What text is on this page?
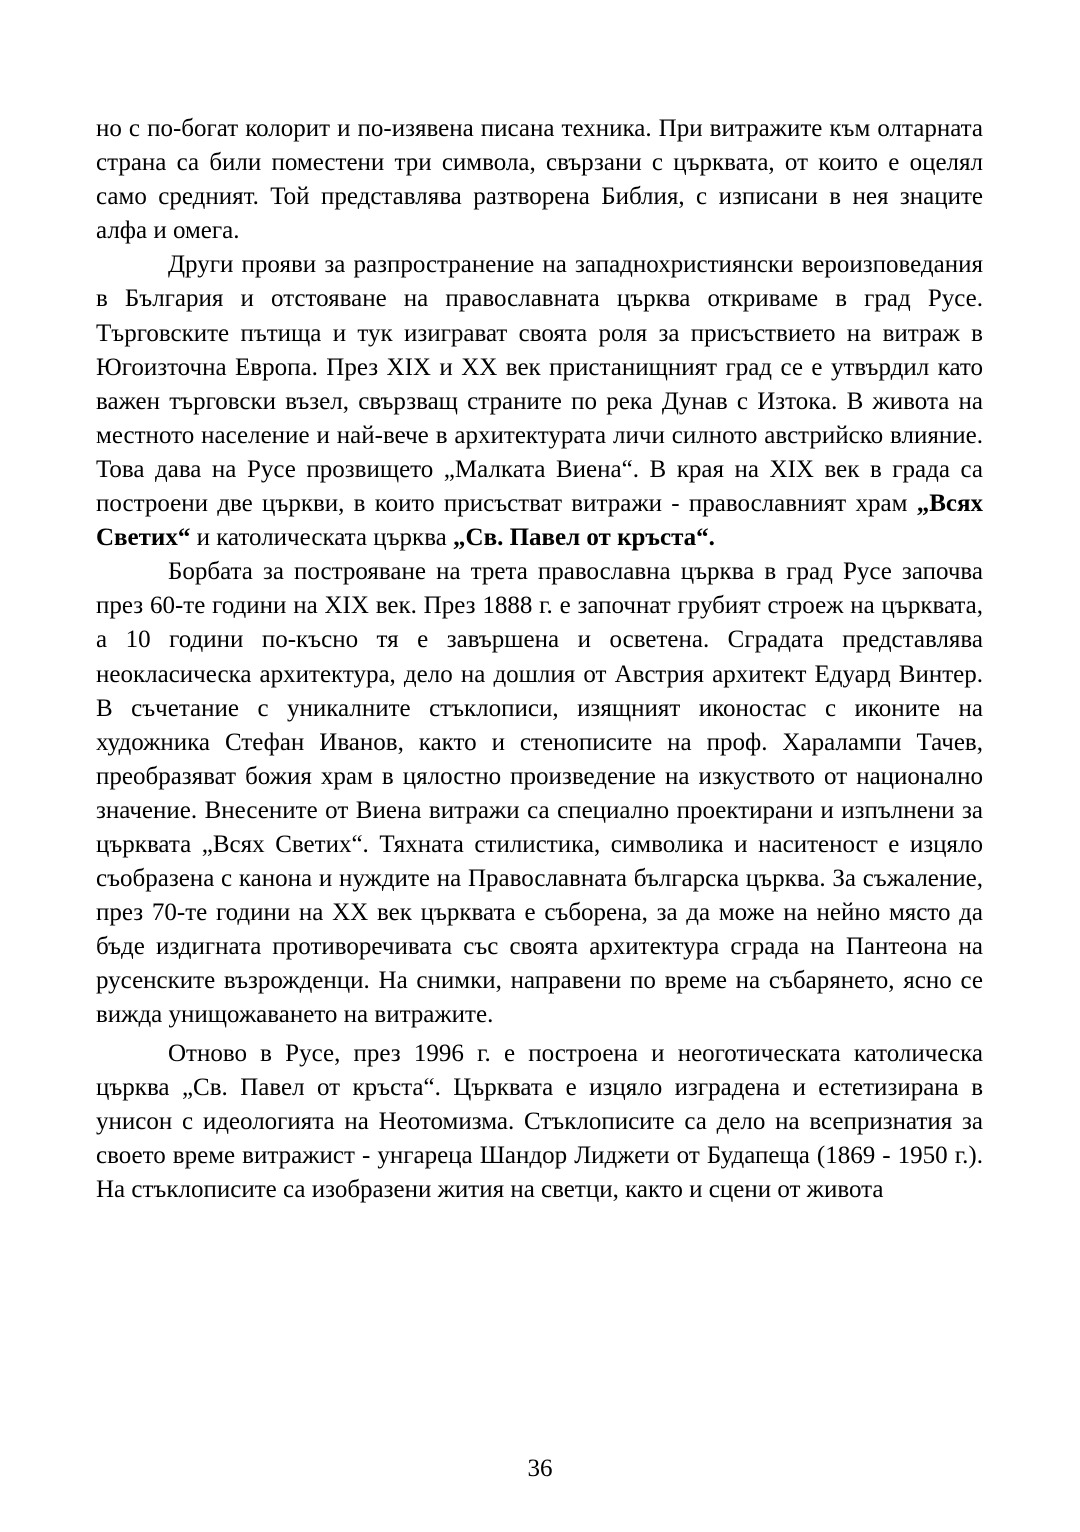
но с по-богат колорит и по-изявена писана техника. При витражите към олтарната страна са били поместени три символа, свързани с църквата, от които е оцелял само средният. Той представлява разтворена Библия, с изписани в нея знаците алфа и омега.

Други прояви за разпространение на западнохристиянски вероизповедания в България и отстояване на православната църква откриваме в град Русе. Търговските пътища и тук изиграват своята роля за присъствието на витраж в Югоизточна Европа. През XIX и XX век пристанищният град се е утвърдил като важен търговски възел, свързващ страните по река Дунав с Изтока. В живота на местното население и най-вече в архитектурата личи силното австрийско влияние. Това дава на Русе прозвището „Малката Виена“. В края на XIX век в града са построени две църкви, в които присъстват витражи - православният храм „Всях Светих“ и католическата църква „Св. Павел от кръста“.

Борбата за построяване на трета православна църква в град Русе започва през 60-те години на XIX век. През 1888 г. е започнат грубият строеж на църквата, а 10 години по-късно тя е завършена и осветена. Сградата представлява неокласическа архитектура, дело на дошлия от Австрия архитект Едуард Винтер. В съчетание с уникалните стъклописи, изящният иконостас с иконите на художника Стефан Иванов, както и стенописите на проф. Харалампи Тачев, преобразяват божия храм в цялостно произведение на изкуството от национално значение. Внесените от Виена витражи са специално проектирани и изпълнени за църквата „Всях Светих“. Тяхната стилистика, символика и наситеност е изцяло съобразена с канона и нуждите на Православната българска църква. За съжаление, през 70-те години на XX век църквата е съборена, за да може на нейно място да бъде издигната противоречивата със своята архитектура сграда на Пантеона на русенските възрожденци. На снимки, направени по време на събарянето, ясно се вижда унищожаването на витражите.

Отново в Русе, през 1996 г. е построена и неоготическата католическа църква „Св. Павел от кръста“. Църквата е изцяло изградена и естетизирана в унисон с идеологията на Неотомизма. Стъклописите са дело на всепризнатия за своето време витражист - унгареца Шандор Лиджети от Будапеща (1869 - 1950 г.). На стъклописите са изобразени жития на светци, както и сцени от живота

36
